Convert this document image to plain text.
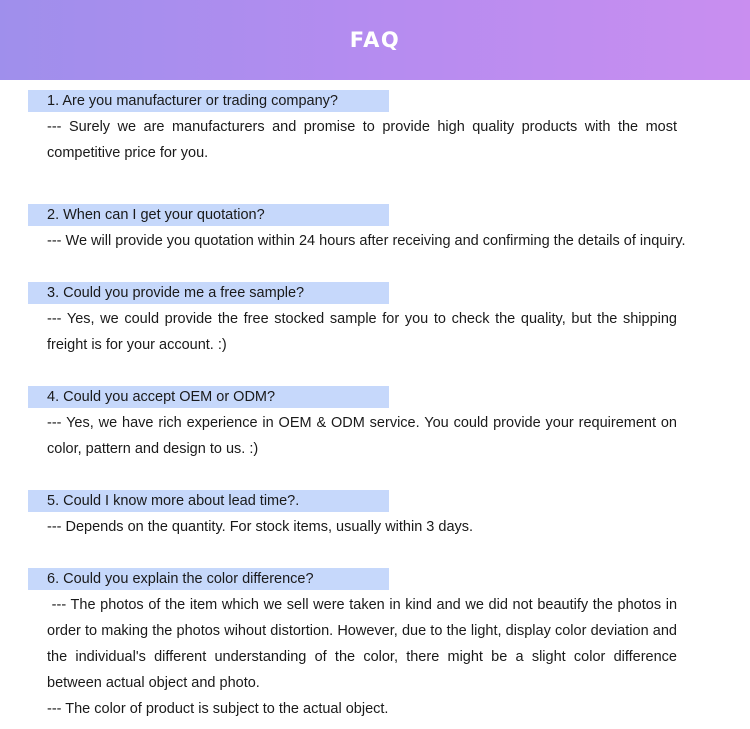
FAQ
1. Are you manufacturer or trading company?

--- Surely we are manufacturers and promise to provide high quality products with the most competitive price for you.

2. When can I get your quotation?

--- We will provide you quotation within 24 hours after receiving and confirming the details of inquiry.

3. Could you provide me a free sample?

--- Yes, we could provide the free stocked sample for you to check the quality, but the shipping freight is for your account. :)

4. Could you accept OEM or ODM?

--- Yes, we have rich experience in OEM & ODM service. You could provide your requirement on color, pattern and design to us. :)

5. Could I know more about lead time?.

--- Depends on the quantity. For stock items, usually within 3 days.

6. Could you explain the color difference?

--- The photos of the item which we sell were taken in kind and we did not beautify the photos in order to making the photos wihout distortion. However, due to the light, display color deviation and the individual's different understanding of the color, there might be a slight color difference between actual object and photo.

--- The color of product is subject to the actual object.
